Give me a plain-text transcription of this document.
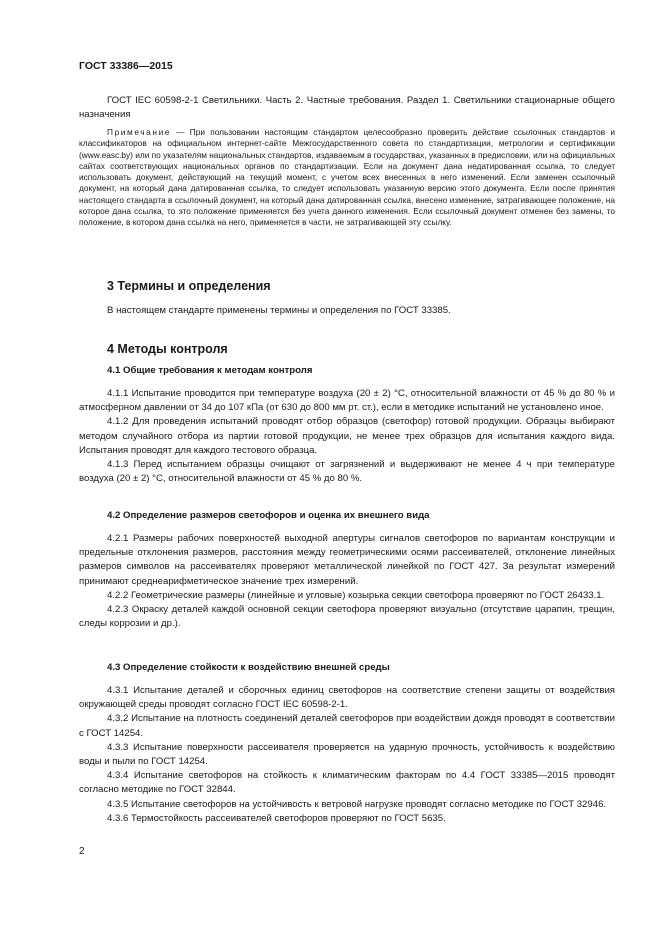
ГОСТ 33386—2015

ГОСТ IEC 60598-2-1 Светильники. Часть 2. Частные требования. Раздел 1. Светильники стационарные общего назначения

Примечание — При пользовании настоящим стандартом целесообразно проверить действие ссылочных стандартов и классификаторов на официальном интернет-сайте Межгосударственного совета по стандартизации, метрологии и сертификации (www.easc.by) или по указателям национальных стандартов, издаваемым в государствах, указанных в предисловии, или на официальных сайтах соответствующих национальных органов по стандартизации. Если на документ дана недатированная ссылка, то следует использовать документ, действующий на текущий момент, с учетом всех внесенных в него изменений. Если заменен ссылочный документ, на который дана датированная ссылка, то следует использовать указанную версию этого документа. Если после принятия настоящего стандарта в ссылочный документ, на который дана датированная ссылка, внесено изменение, затрагивающее положение, на которое дана ссылка, то это положение применяется без учета данного изменения. Если ссылочный документ отменен без замены, то положение, в котором дана ссылка на него, применяется в части, не затрагивающей эту ссылку.

3 Термины и определения

В настоящем стандарте применены термины и определения по ГОСТ 33385.

4 Методы контроля
4.1 Общие требования к методам контроля

4.1.1 Испытание проводится при температуре воздуха (20 ± 2) °С, относительной влажности от 45 % до 80 % и атмосферном давлении от 34 до 107 кПа (от 630 до 800 мм рт. ст.), если в методике испытаний не установлено иное.

4.1.2 Для проведения испытаний проводят отбор образцов (светофор) готовой продукции. Образцы выбирают методом случайного отбора из партии готовой продукции, не менее трех образцов для испытания каждого вида. Испытания проводят для каждого тестового образца.

4.1.3 Перед испытанием образцы очищают от загрязнений и выдерживают не менее 4 ч при температуре воздуха (20 ± 2) °С, относительной влажности от 45 % до 80 %.

4.2 Определение размеров светофоров и оценка их внешнего вида

4.2.1 Размеры рабочих поверхностей выходной апертуры сигналов светофоров по вариантам конструкции и предельные отклонения размеров, расстояния между геометрическими осями рассеивателей, отклонение линейных размеров символов на рассеивателях проверяют металлической линейкой по ГОСТ 427. За результат измерений принимают среднеарифметическое значение трех измерений.

4.2.2 Геометрические размеры (линейные и угловые) козырька секции светофора проверяют по ГОСТ 26433.1.

4.2.3 Окраску деталей каждой основной секции светофора проверяют визуально (отсутствие царапин, трещин, следы коррозии и др.).

4.3 Определение стойкости к воздействию внешней среды

4.3.1 Испытание деталей и сборочных единиц светофоров на соответствие степени защиты от воздействия окружающей среды проводят согласно ГОСТ IEC 60598-2-1.

4.3.2 Испытание на плотность соединений деталей светофоров при воздействии дождя проводят в соответствии с ГОСТ 14254.

4.3.3 Испытание поверхности рассеивателя проверяется на ударную прочность, устойчивость к воздействию воды и пыли по ГОСТ 14254.

4.3.4 Испытание светофоров на стойкость к климатическим факторам по 4.4 ГОСТ 33385—2015 проводят согласно методике по ГОСТ 32844.

4.3.5 Испытание светофоров на устойчивость к ветровой нагрузке проводят согласно методике по ГОСТ 32946.

4.3.6 Термостойкость рассеивателей светофоров проверяют по ГОСТ 5635.

2
